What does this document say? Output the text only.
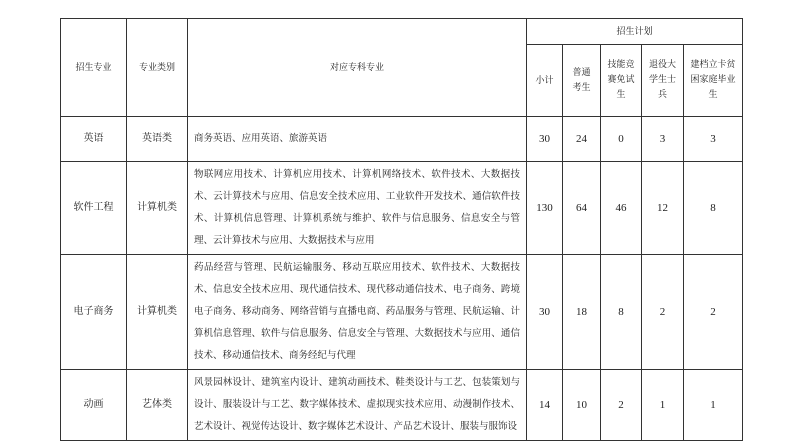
招生专业	专业类别	对应专科专业	招生计划				
			小计	普通考生	技能竞赛免试生	退役大学生士兵	建档立卡贫困家庭毕业生
英语	英语类	商务英语、应用英语、旅游英语	30	24	0	3	3
软件工程	计算机类	物联网应用技术、计算机应用技术、计算机网络技术、软件技术、大数据技术、云计算技术与应用、信息安全技术应用、工业软件开发技术、通信软件技术、计算机信息管理、计算机系统与维护、软件与信息服务、信息安全与管理、云计算技术与应用、大数据技术与应用	130	64	46	12	8
电子商务	计算机类	药品经营与管理、民航运输服务、移动互联应用技术、软件技术、大数据技术、信息安全技术应用、现代通信技术、现代移动通信技术、电子商务、跨境电子商务、移动商务、网络营销与直播电商、药品服务与管理、民航运输、计算机信息管理、软件与信息服务、信息安全与管理、大数据技术与应用、通信技术、移动通信技术、商务经纪与代理	30	18	8	2	2
动画	艺体类	风景园林设计、建筑室内设计、建筑动画技术、鞋类设计与工艺、包装策划与设计、服装设计与工艺、数字媒体技术、虚拟现实技术应用、动漫制作技术、艺术设计、视觉传达设计、数字媒体艺术设计、产品艺术设计、服装与服饰设	14	10	2	1	1
